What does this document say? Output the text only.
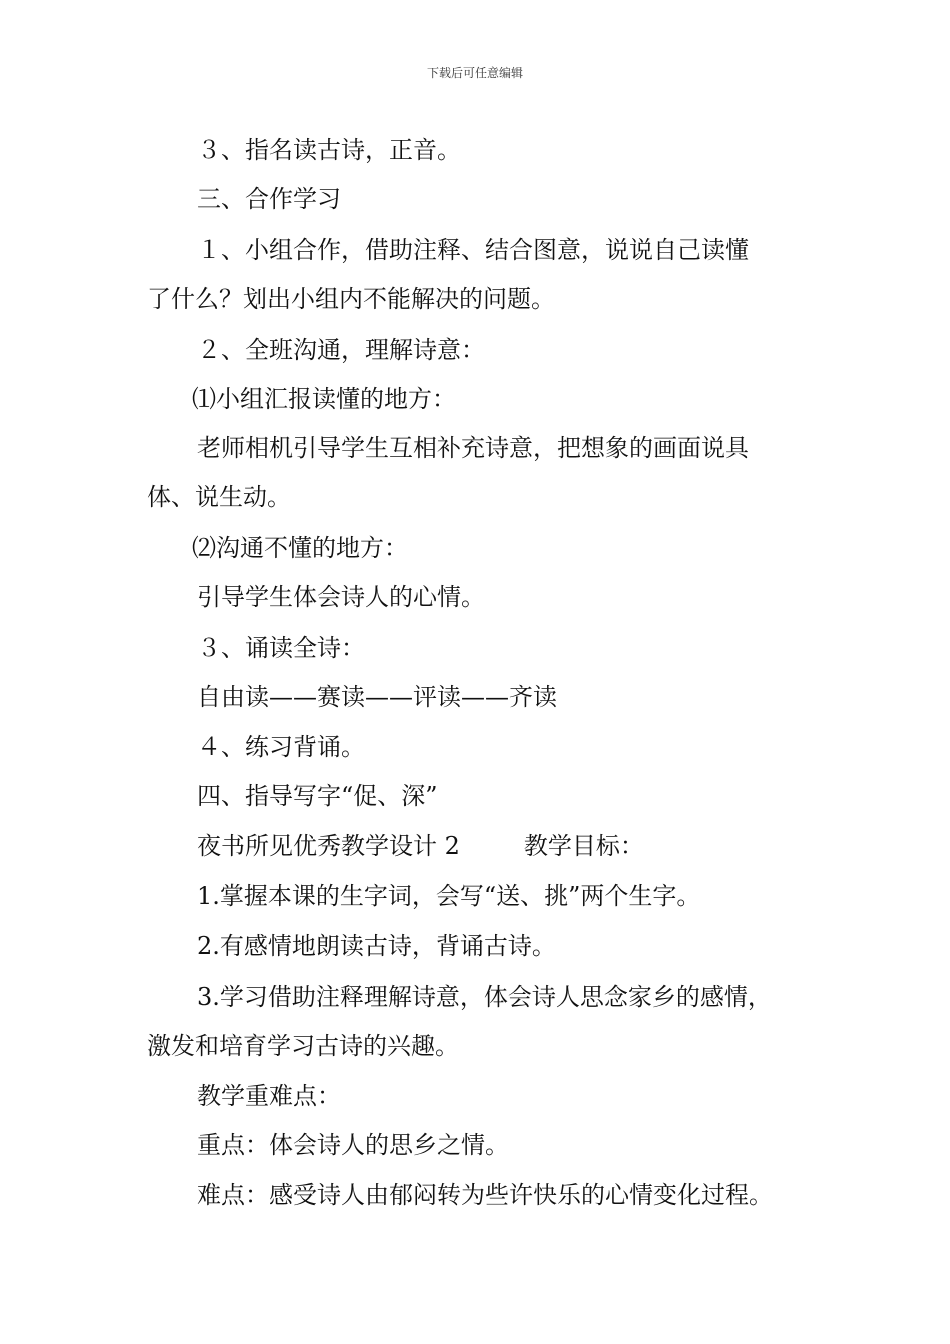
下载后可任意编辑
３、指名读古诗，正音。
三、合作学习
１、小组合作，借助注释、结合图意，说说自己读懂
了什么？划出小组内不能解决的问题。
２、全班沟通，理解诗意：
⑴小组汇报读懂的地方：
老师相机引导学生互相补充诗意，把想象的画面说具
体、说生动。
⑵沟通不懂的地方：
引导学生体会诗人的心情。
３、诵读全诗：
自由读——赛读——评读——齐读
４、练习背诵。
四、指导写字“促、深”
夜书所见优秀教学设计 2	教学目标：
1.掌握本课的生字词，会写“送、挑”两个生字。
2.有感情地朗读古诗，背诵古诗。
3.学习借助注释理解诗意，体会诗人思念家乡的感情，
激发和培育学习古诗的兴趣。
教学重难点：
重点：体会诗人的思乡之情。
难点：感受诗人由郁闷转为些许快乐的心情变化过程。
